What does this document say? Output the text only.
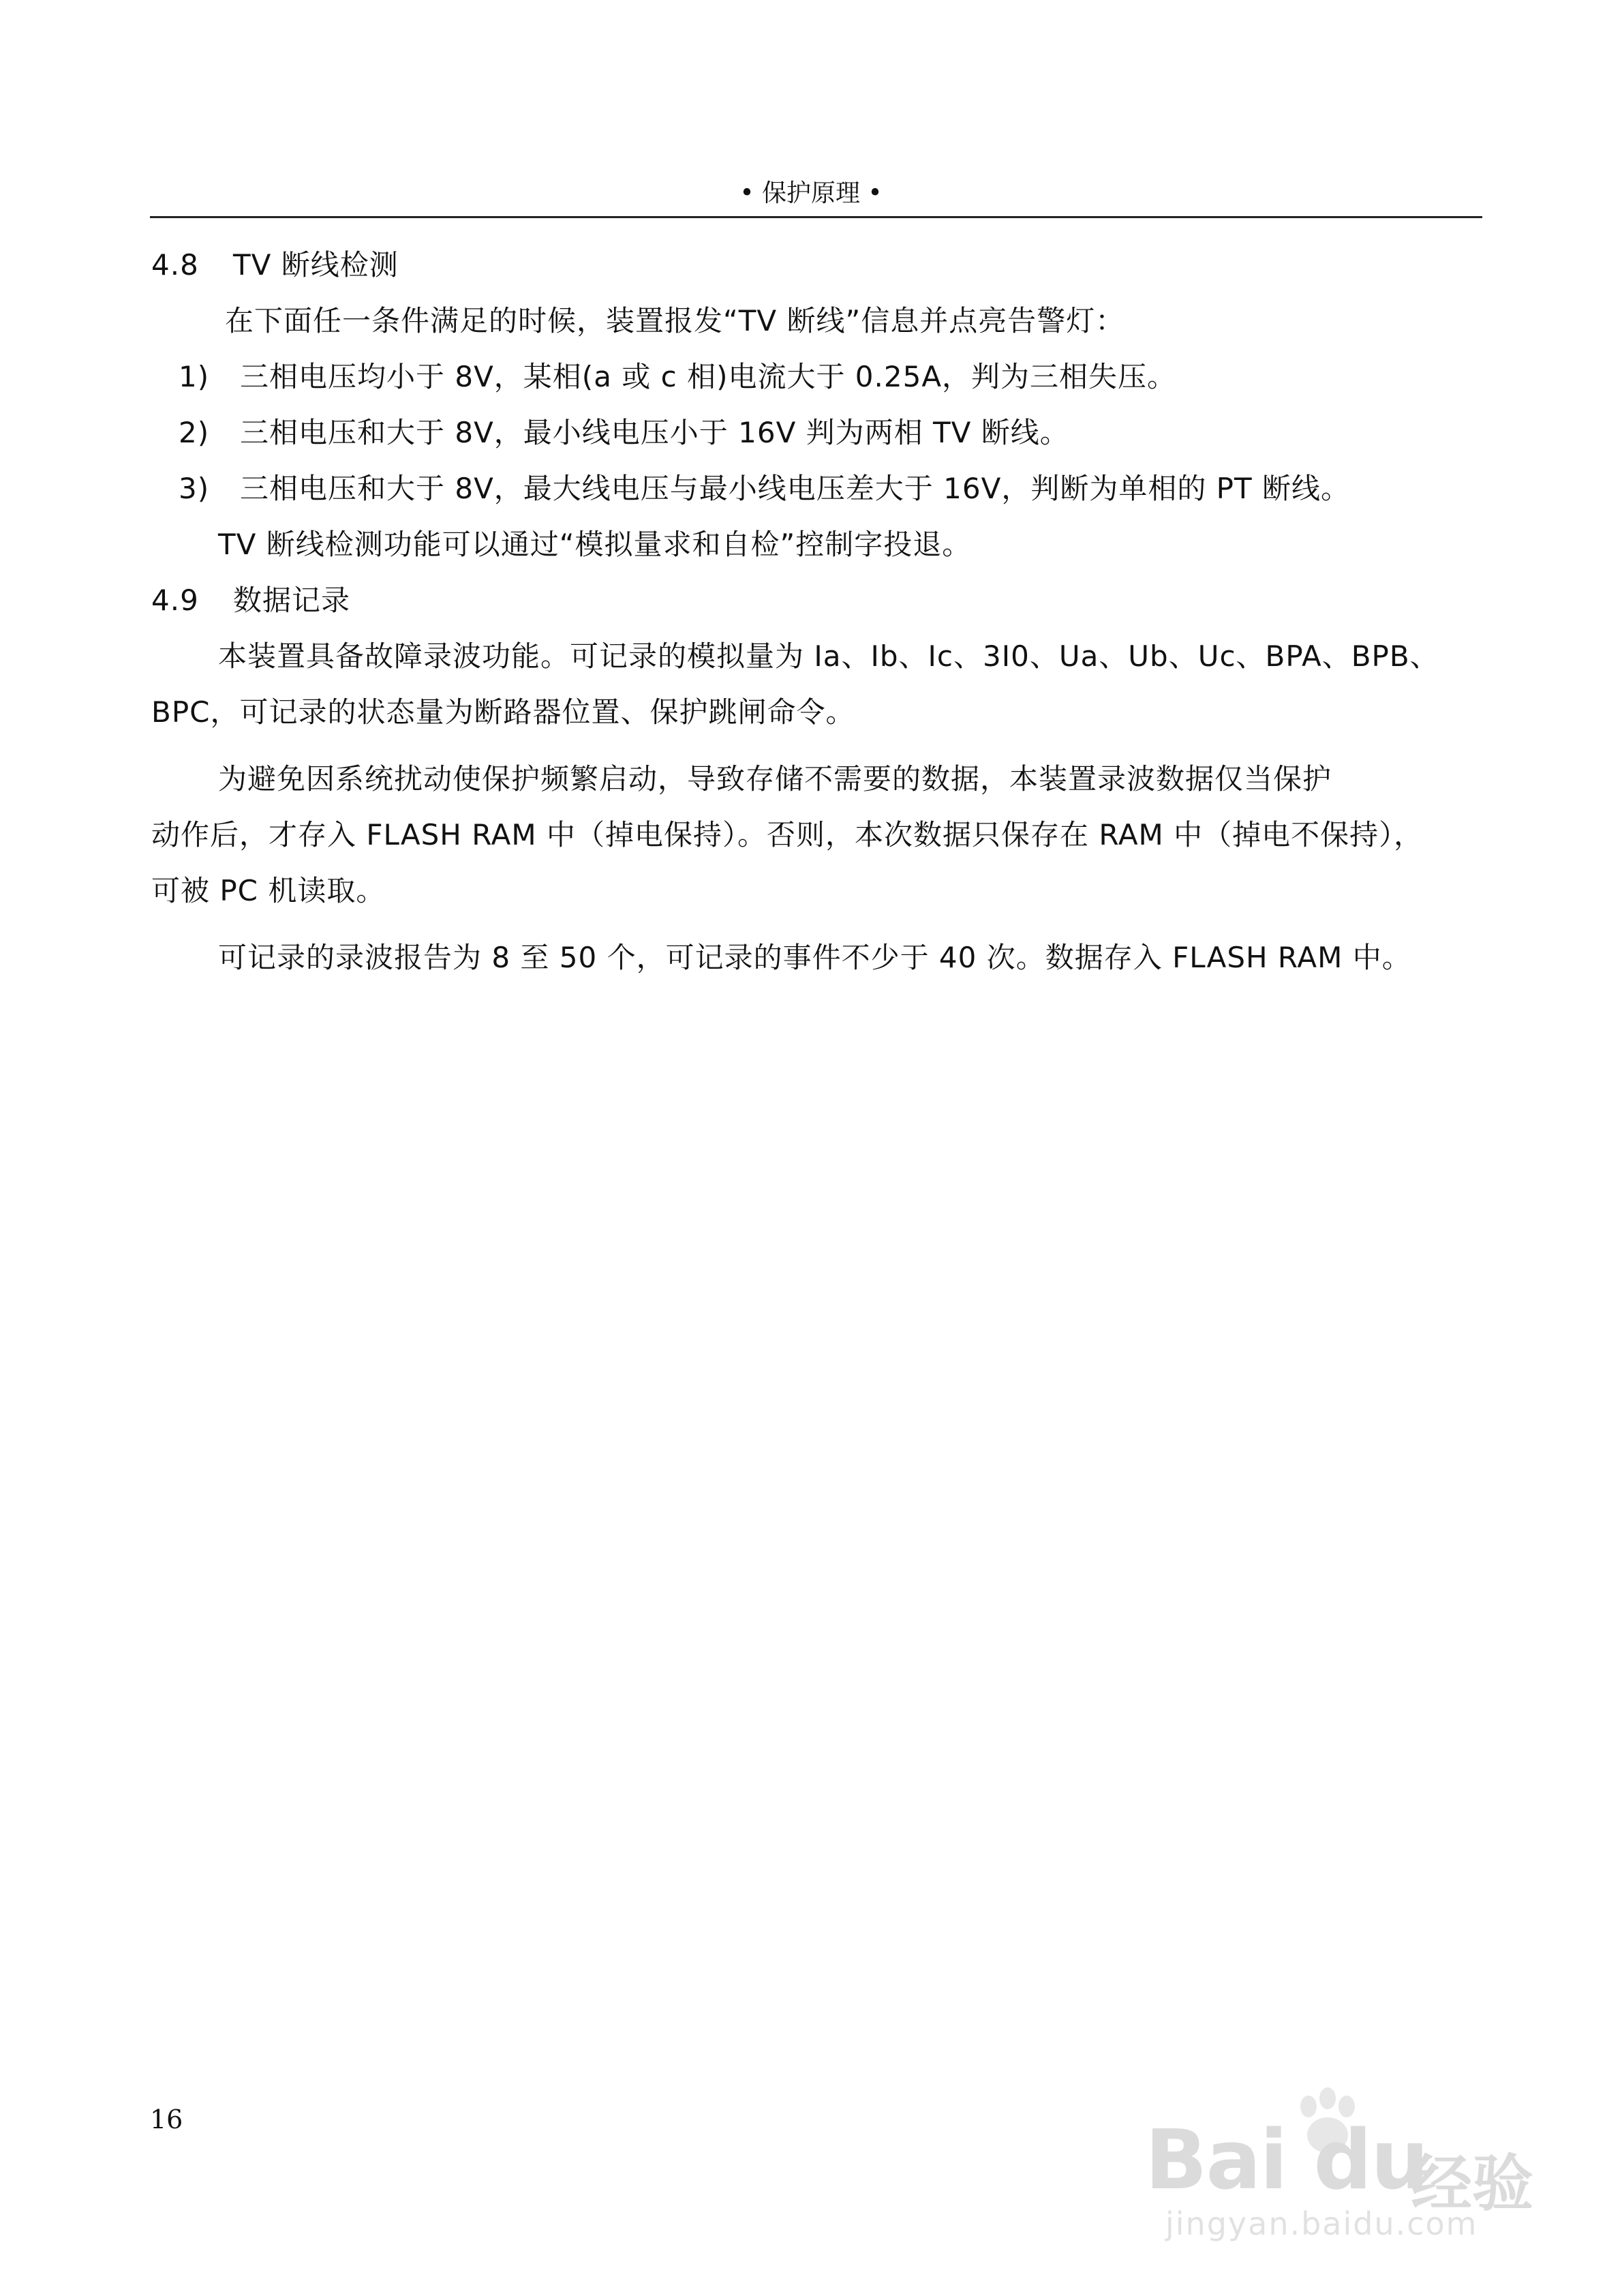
• 保护原理 •
4.8 TV 断线检测
在下面任一条件满足的时候，装置报发“TV 断线”信息并点亮告警灯：
1) 三相电压均小于 8V，某相(a 或 c 相)电流大于 0.25A，判为三相失压。
2) 三相电压和大于 8V，最小线电压小于 16V 判为两相 TV 断线。
3) 三相电压和大于 8V，最大线电压与最小线电压差大于 16V，判断为单相的 PT 断线。
TV 断线检测功能可以通过“模拟量求和自检”控制字投退。
4.9 数据记录
本装置具备故障录波功能。可记录的模拟量为 Ia、Ib、Ic、3I0、Ua、Ub、Uc、BPA、BPB、
BPC，可记录的状态量为断路器位置、保护跳闸命令。
为避免因系统扰动使保护频繁启动，导致存储不需要的数据，本装置录波数据仅当保护
动作后，才存入 FLASH RAM 中（掉电保持）。否则，本次数据只保存在 RAM 中（掉电不保持），
可被 PC 机读取。
可记录的录波报告为 8 至 50 个，可记录的事件不少于 40 次。数据存入 FLASH RAM 中。
16	Bai du
经验
jingyan.baidu.com
